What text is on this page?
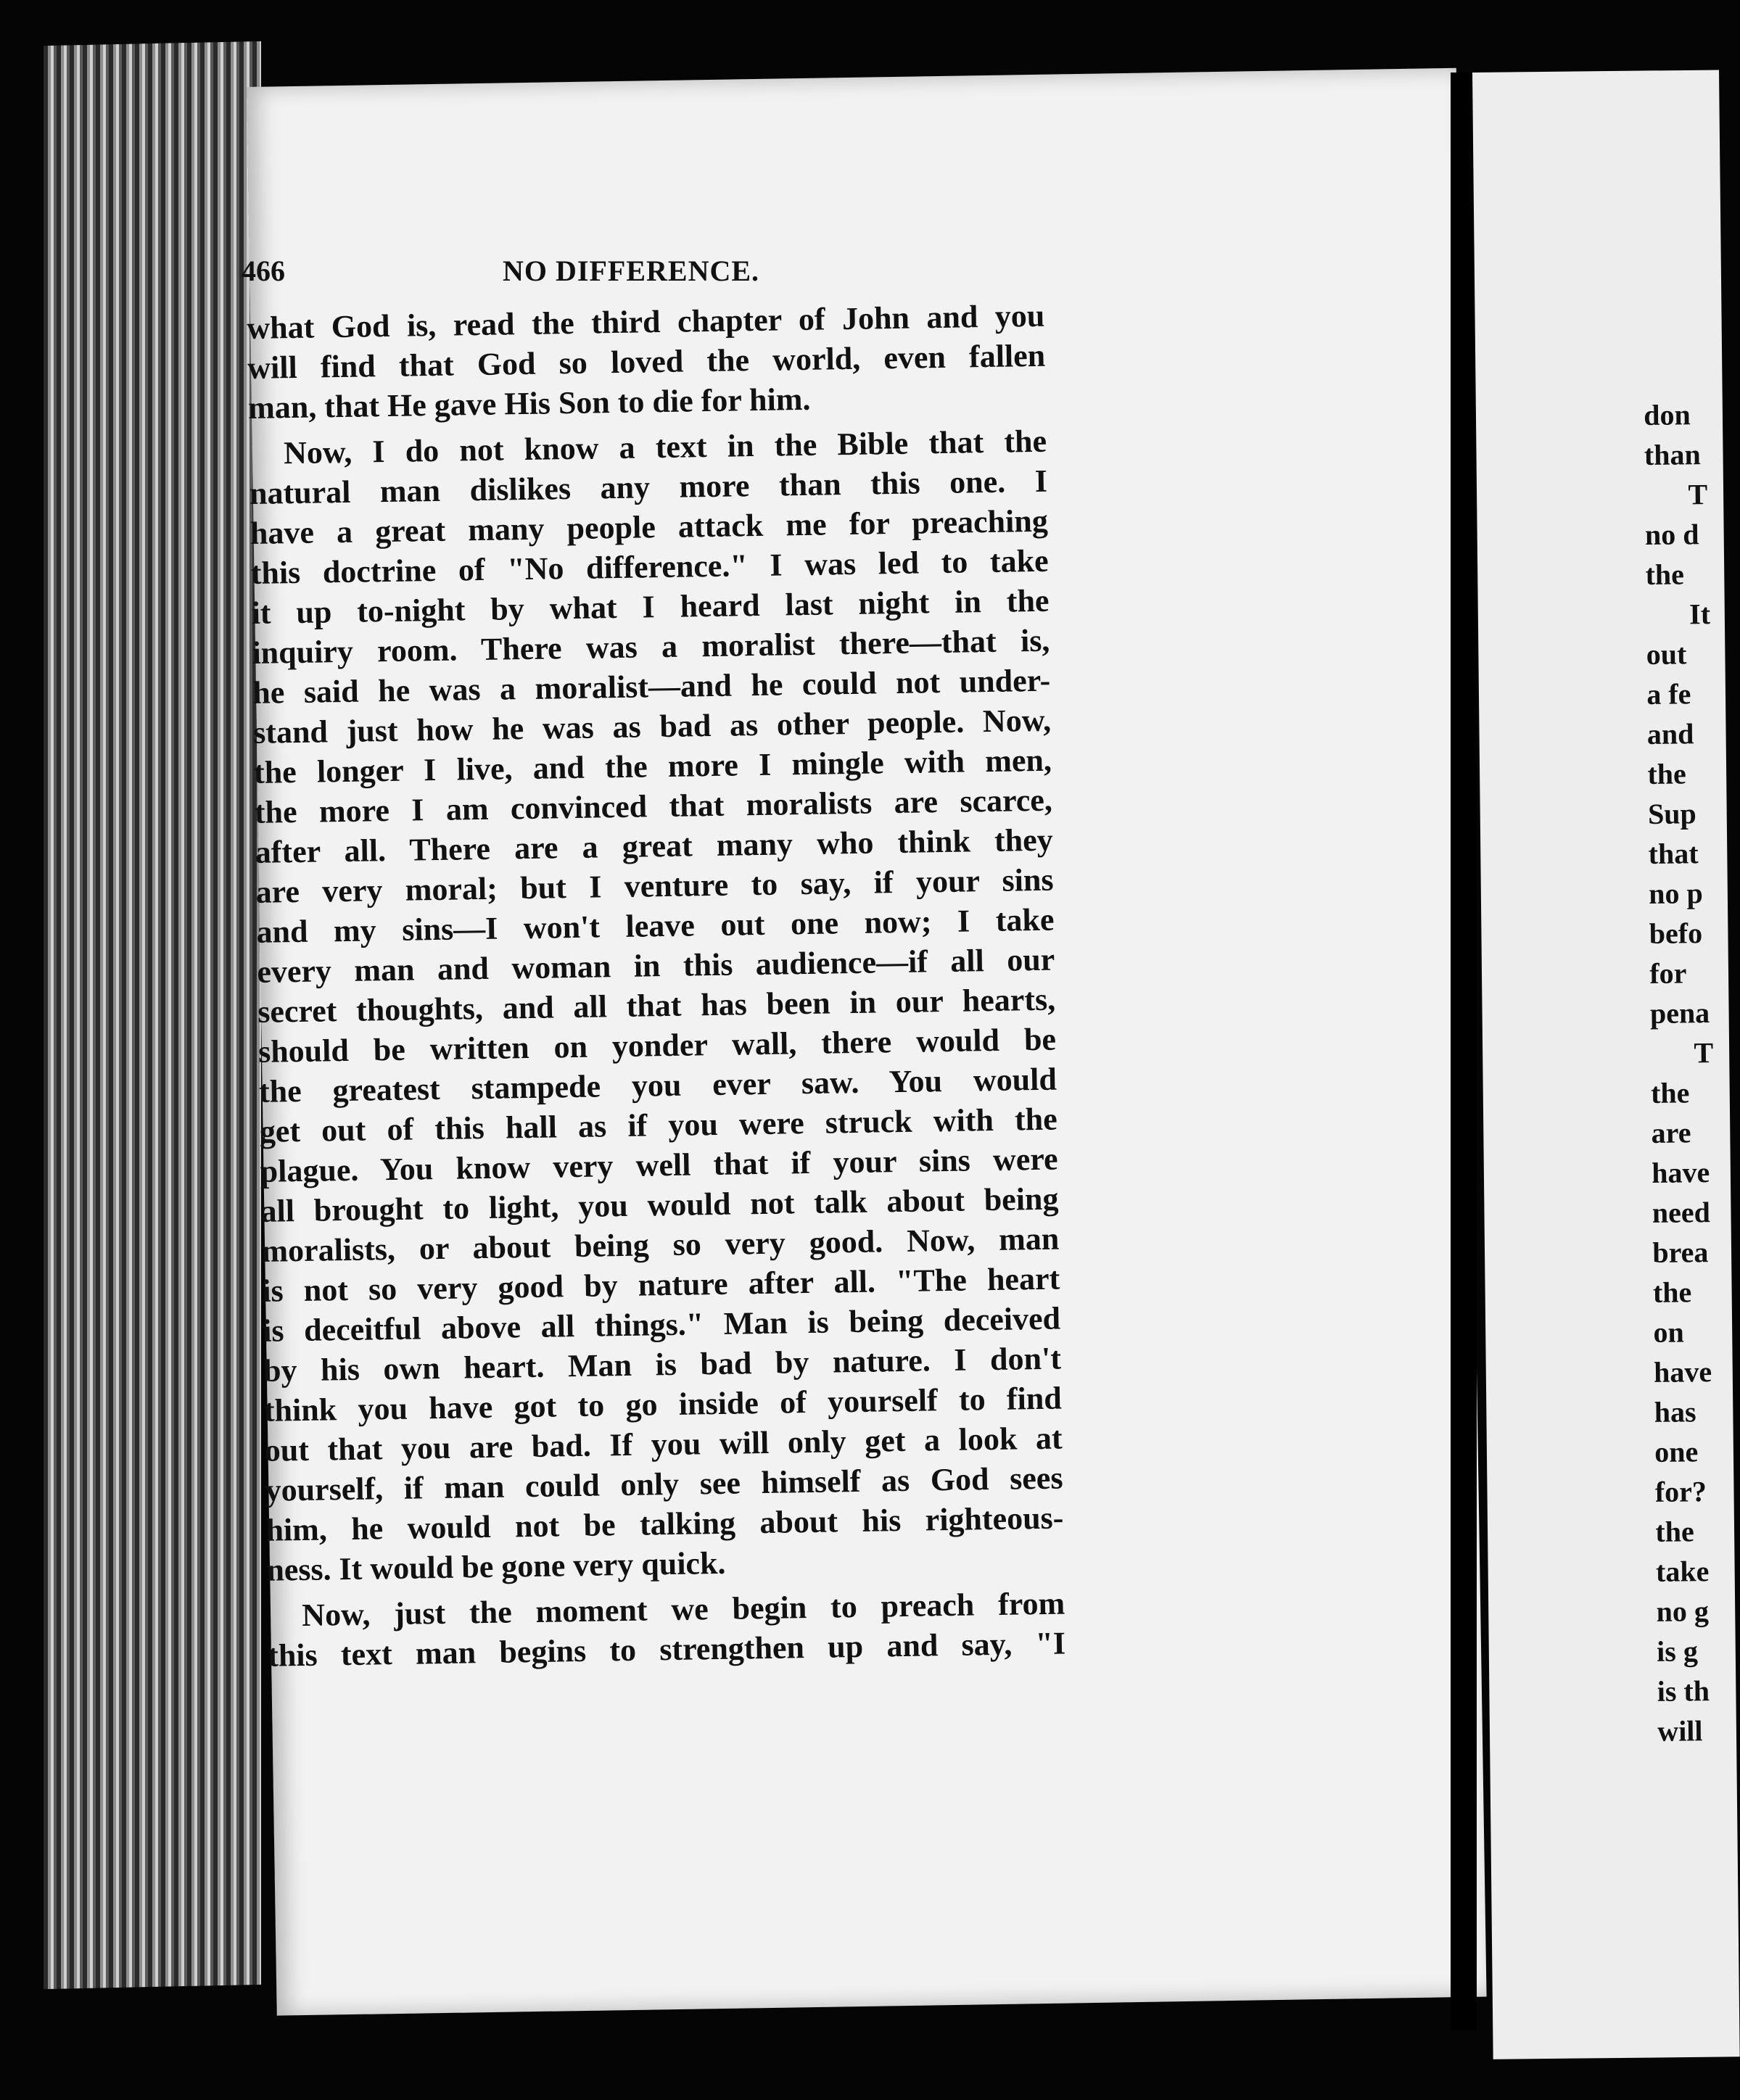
466	NO DIFFERENCE.
what God is, read the third chapter of John and you
will find that God so loved the world, even fallen
man, that He gave His Son to die for him.
Now, I do not know a text in the Bible that the
natural man dislikes any more than this one. I
have a great many people attack me for preaching
this doctrine of "No difference." I was led to take
it up to-night by what I heard last night in the
inquiry room. There was a moralist there—that is,
he said he was a moralist—and he could not under-
stand just how he was as bad as other people. Now,
the longer I live, and the more I mingle with men,
the more I am convinced that moralists are scarce,
after all. There are a great many who think they
are very moral; but I venture to say, if your sins
and my sins—I won't leave out one now; I take
every man and woman in this audience—if all our
secret thoughts, and all that has been in our hearts,
should be written on yonder wall, there would be
the greatest stampede you ever saw. You would
get out of this hall as if you were struck with the
plague. You know very well that if your sins were
all brought to light, you would not talk about being
moralists, or about being so very good. Now, man
is not so very good by nature after all. "The heart
is deceitful above all things." Man is being deceived
by his own heart. Man is bad by nature. I don't
think you have got to go inside of yourself to find
out that you are bad. If you will only get a look at
yourself, if man could only see himself as God sees
him, he would not be talking about his righteous-
ness. It would be gone very quick.
Now, just the moment we begin to preach from
this text man begins to strengthen up and say, "I
don
than
T
no d
the
It
out
a fe
and
the
Sup
that
no p
befo
for
pena
T
the
are
have
need
brea
the
on
have
has
one
for?
the
take
no g
is g
is th
will
